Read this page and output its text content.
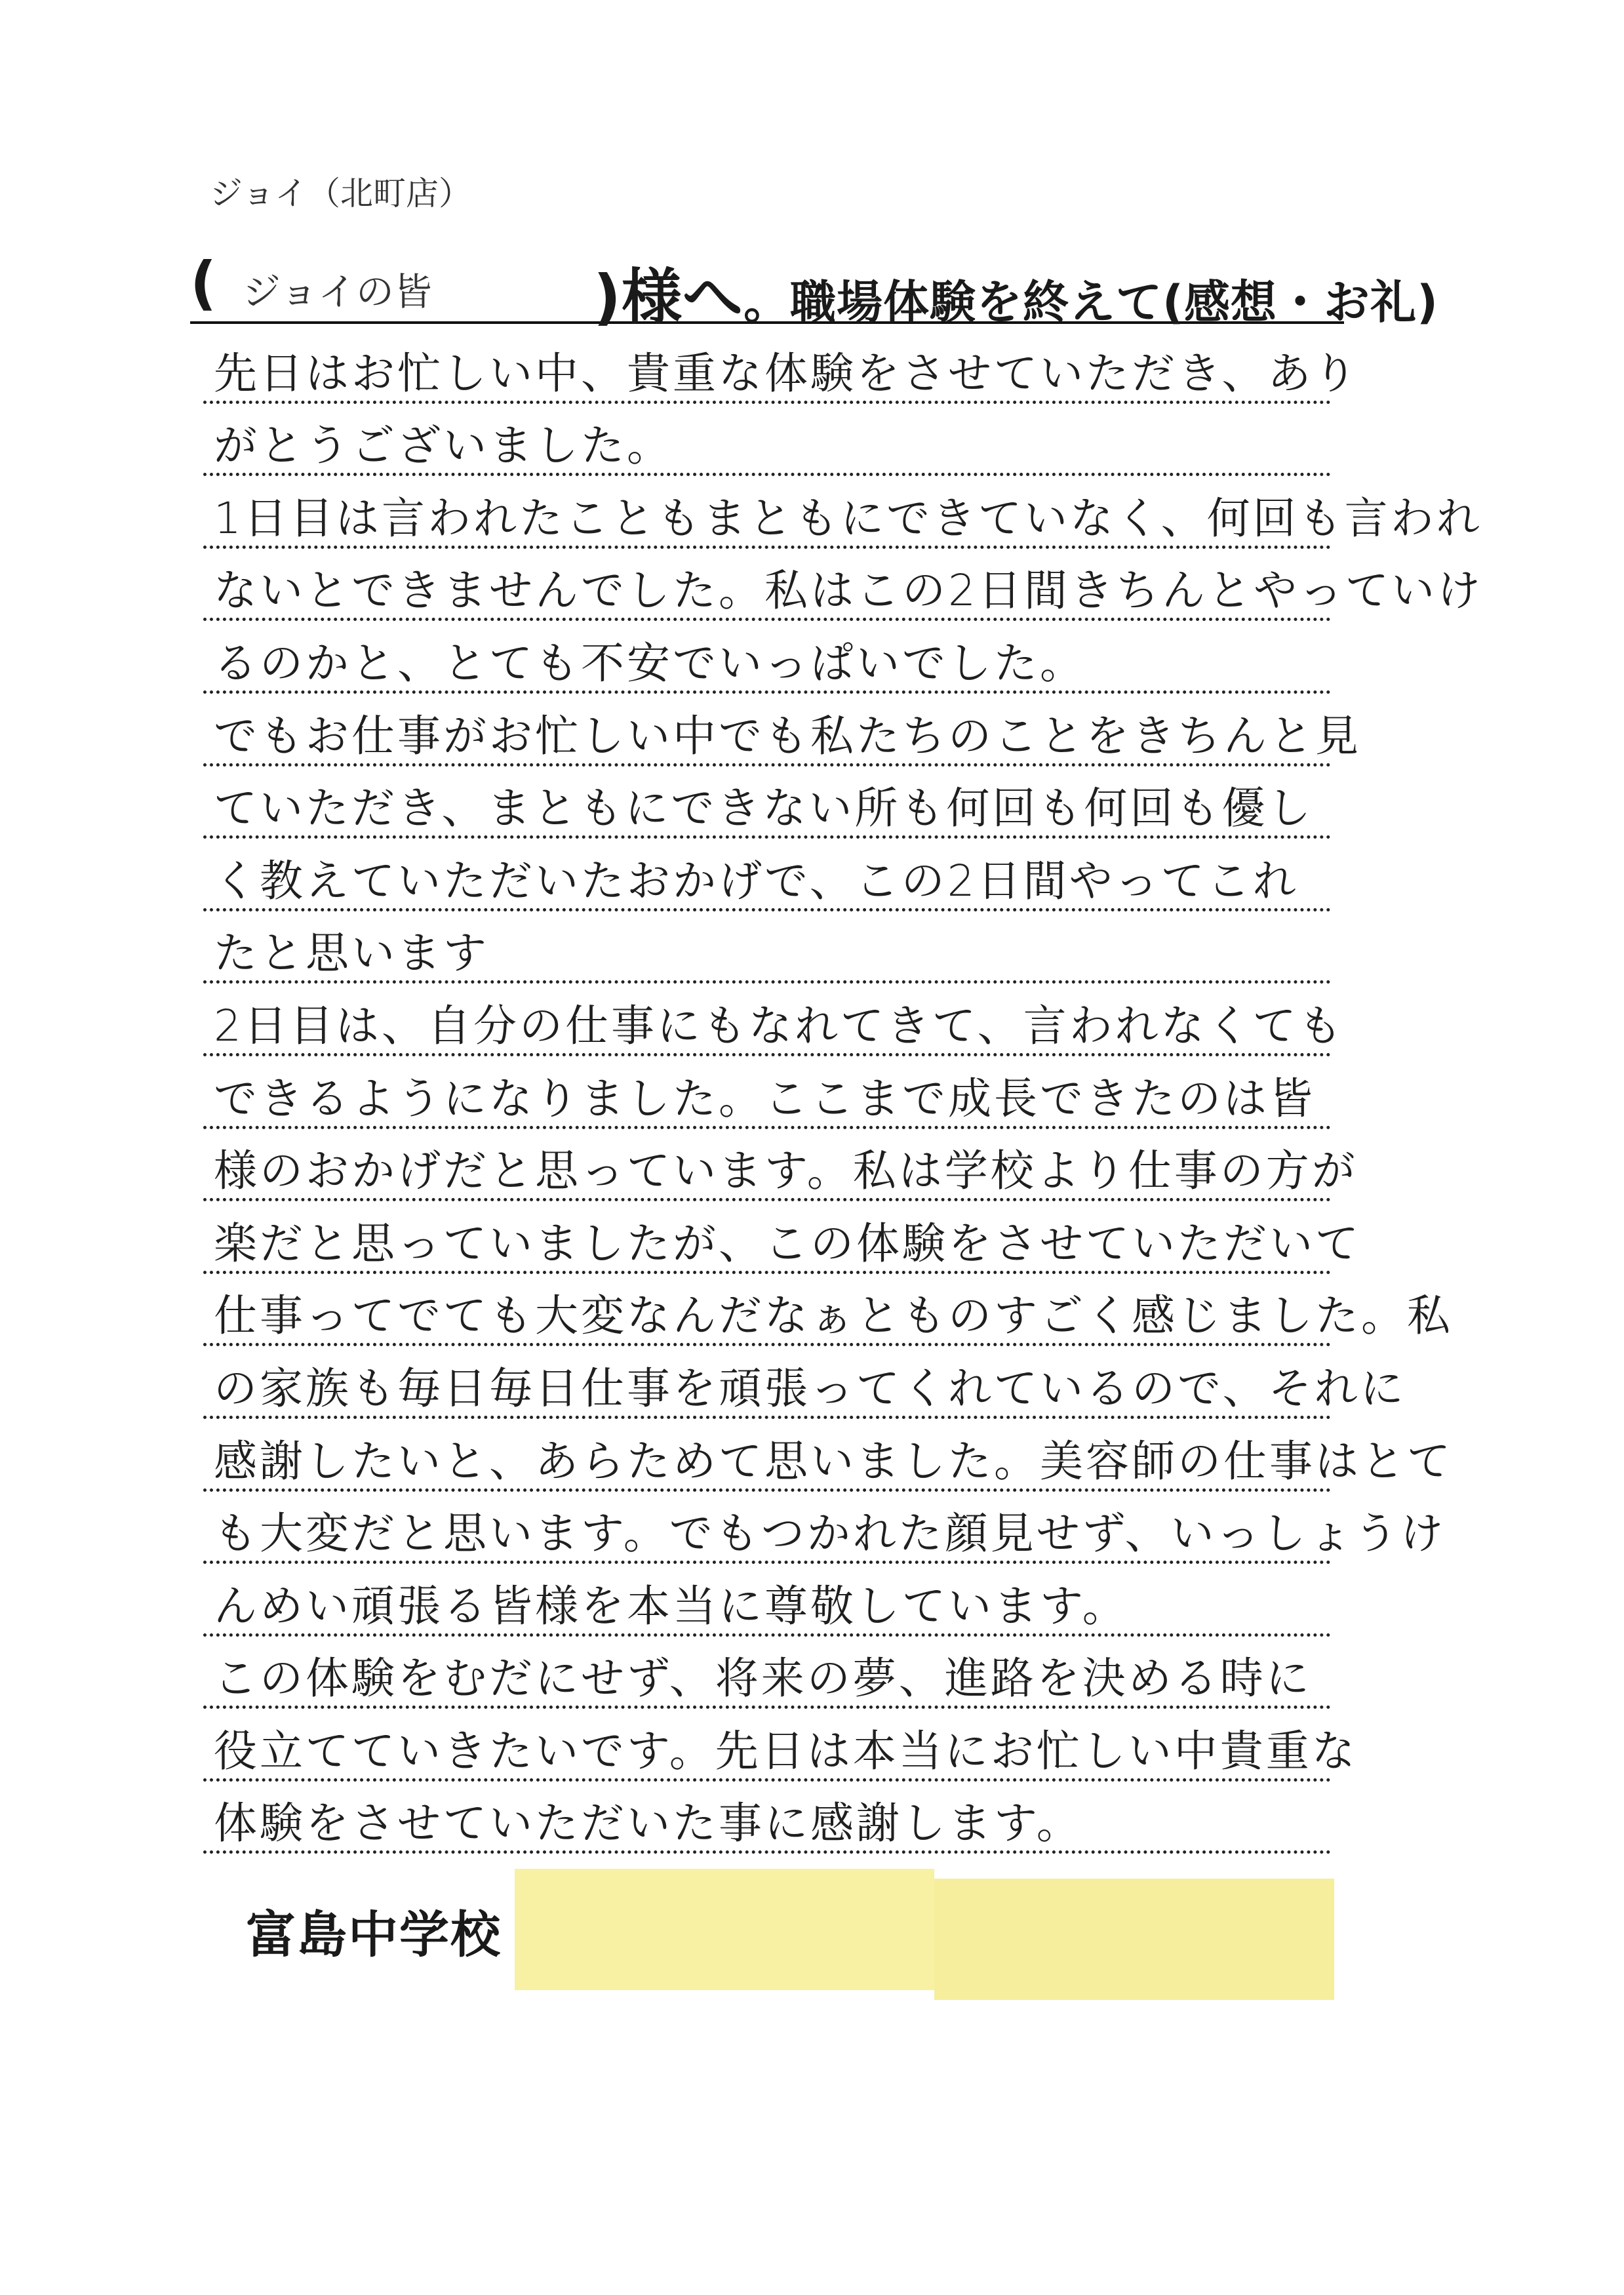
ジョイ（北町店）
( ジョイの皆	)様へ。職場体験を終えて(感想・お礼)
先日はお忙しい中、貴重な体験をさせていただき、あり
がとうございました。
1日目は言われたこともまともにできていなく、何回も言われ
ないとできませんでした。私はこの2日間きちんとやっていけ
るのかと、とても不安でいっぱいでした。
でもお仕事がお忙しい中でも私たちのことをきちんと見
ていただき、まともにできない所も何回も何回も優し
く教えていただいたおかげで、この2日間やってこれ
たと思います
2日目は、自分の仕事にもなれてきて、言われなくても
できるようになりました。ここまで成長できたのは皆
様のおかげだと思っています。私は学校より仕事の方が
楽だと思っていましたが、この体験をさせていただいて
仕事ってでても大変なんだなぁとものすごく感じました。私
の家族も毎日毎日仕事を頑張ってくれているので、それに
感謝したいと、あらためて思いました。美容師の仕事はとて
も大変だと思います。でもつかれた顔見せず、いっしょうけ
んめい頑張る皆様を本当に尊敬しています。
この体験をむだにせず、将来の夢、進路を決める時に
役立てていきたいです。先日は本当にお忙しい中貴重な
体験をさせていただいた事に感謝します。
富島中学校
